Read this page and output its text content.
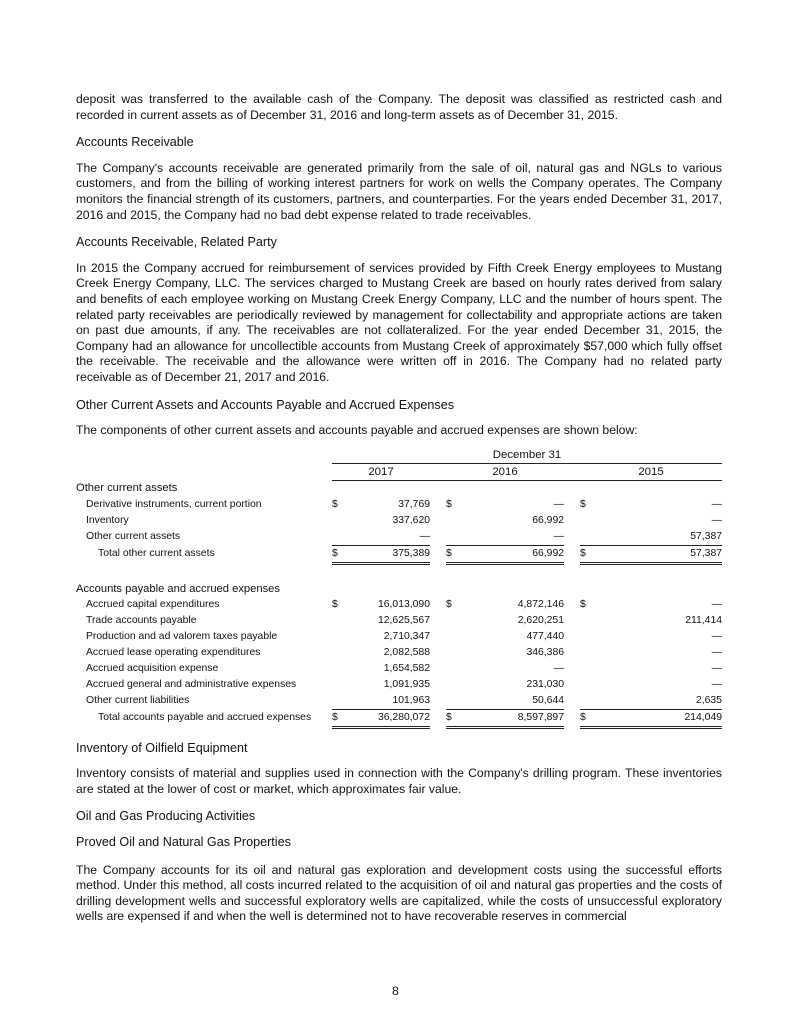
deposit was transferred to the available cash of the Company. The deposit was classified as restricted cash and recorded in current assets as of December 31, 2016 and long-term assets as of December 31, 2015.

Accounts Receivable

The Company's accounts receivable are generated primarily from the sale of oil, natural gas and NGLs to various customers, and from the billing of working interest partners for work on wells the Company operates. The Company monitors the financial strength of its customers, partners, and counterparties. For the years ended December 31, 2017, 2016 and 2015, the Company had no bad debt expense related to trade receivables.

Accounts Receivable, Related Party

In 2015 the Company accrued for reimbursement of services provided by Fifth Creek Energy employees to Mustang Creek Energy Company, LLC. The services charged to Mustang Creek are based on hourly rates derived from salary and benefits of each employee working on Mustang Creek Energy Company, LLC and the number of hours spent. The related party receivables are periodically reviewed by management for collectability and appropriate actions are taken on past due amounts, if any. The receivables are not collateralized. For the year ended December 31, 2015, the Company had an allowance for uncollectible accounts from Mustang Creek of approximately $57,000 which fully offset the receivable. The receivable and the allowance were written off in 2016. The Company had no related party receivable as of December 21, 2017 and 2016.

Other Current Assets and Accounts Payable and Accrued Expenses

The components of other current assets and accounts payable and accrued expenses are shown below:

	December 31							
	2017			2016			2015	
Other current assets								
Derivative instruments, current portion	$	37,769		$	—		$	—
Inventory		337,620			66,992			—
Other current assets		—			—			57,387
Total other current assets	$	375,389		$	66,992		$	57,387

Accounts payable and accrued expenses								
Accrued capital expenditures	$	16,013,090		$	4,872,146		$	—
Trade accounts payable		12,625,567			2,620,251			211,414
Production and ad valorem taxes payable		2,710,347			477,440			—
Accrued lease operating expenditures		2,082,588			346,386			—
Accrued acquisition expense		1,654,582			—			—
Accrued general and administrative expenses		1,091,935			231,030			—
Other current liabilities		101,963			50,644			2,635
Total accounts payable and accrued expenses	$	36,280,072		$	8,597,897		$	214,049
Inventory of Oilfield Equipment

Inventory consists of material and supplies used in connection with the Company's drilling program. These inventories are stated at the lower of cost or market, which approximates fair value.

Oil and Gas Producing Activities
Proved Oil and Natural Gas Properties

The Company accounts for its oil and natural gas exploration and development costs using the successful efforts method. Under this method, all costs incurred related to the acquisition of oil and natural gas properties and the costs of drilling development wells and successful exploratory wells are capitalized, while the costs of unsuccessful exploratory wells are expensed if and when the well is determined not to have recoverable reserves in commercial

8
